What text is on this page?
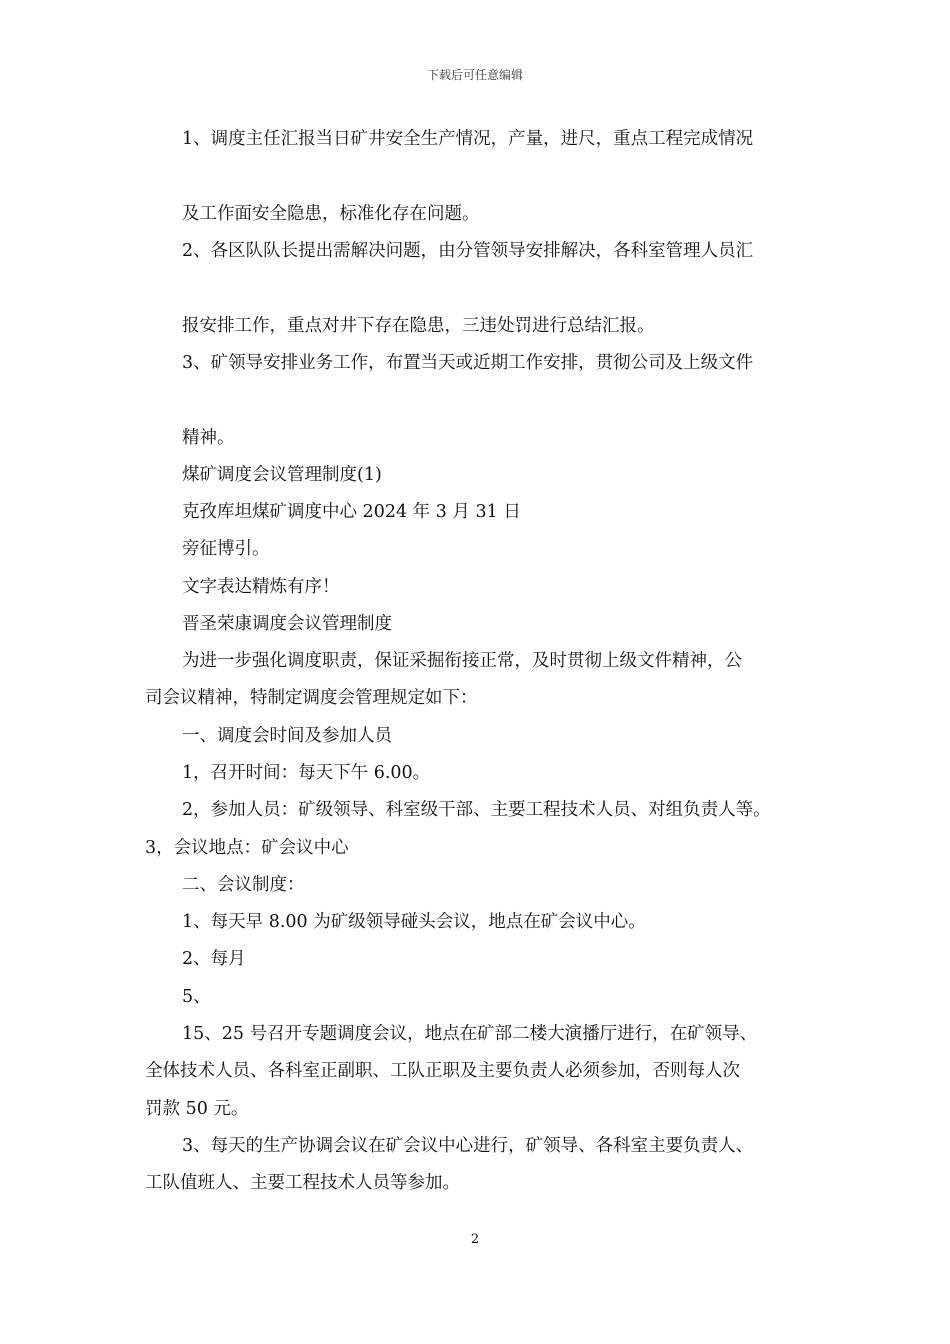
下载后可任意编辑
1、调度主任汇报当日矿井安全生产情况，产量，进尺，重点工程完成情况
及工作面安全隐患，标准化存在问题。
2、各区队队长提出需解决问题，由分管领导安排解决，各科室管理人员汇
报安排工作，重点对井下存在隐患，三违处罚进行总结汇报。
3、矿领导安排业务工作，布置当天或近期工作安排，贯彻公司及上级文件
精神。
煤矿调度会议管理制度(1)
克孜库坦煤矿调度中心 2024 年 3 月 31 日
旁征博引。
文字表达精炼有序！
晋圣荣康调度会议管理制度
为进一步强化调度职责，保证采掘衔接正常，及时贯彻上级文件精神，公
司会议精神，特制定调度会管理规定如下：
一、调度会时间及参加人员
1，召开时间：每天下午 6.00。
2，参加人员：矿级领导、科室级干部、主要工程技术人员、对组负责人等。
3，会议地点：矿会议中心
二、会议制度：
1、每天早 8.00 为矿级领导碰头会议，地点在矿会议中心。
2、每月
5、
15、25 号召开专题调度会议，地点在矿部二楼大演播厅进行，在矿领导、
全体技术人员、各科室正副职、工队正职及主要负责人必须参加，否则每人次
罚款 50 元。
3、每天的生产协调会议在矿会议中心进行，矿领导、各科室主要负责人、
工队值班人、主要工程技术人员等参加。
2
